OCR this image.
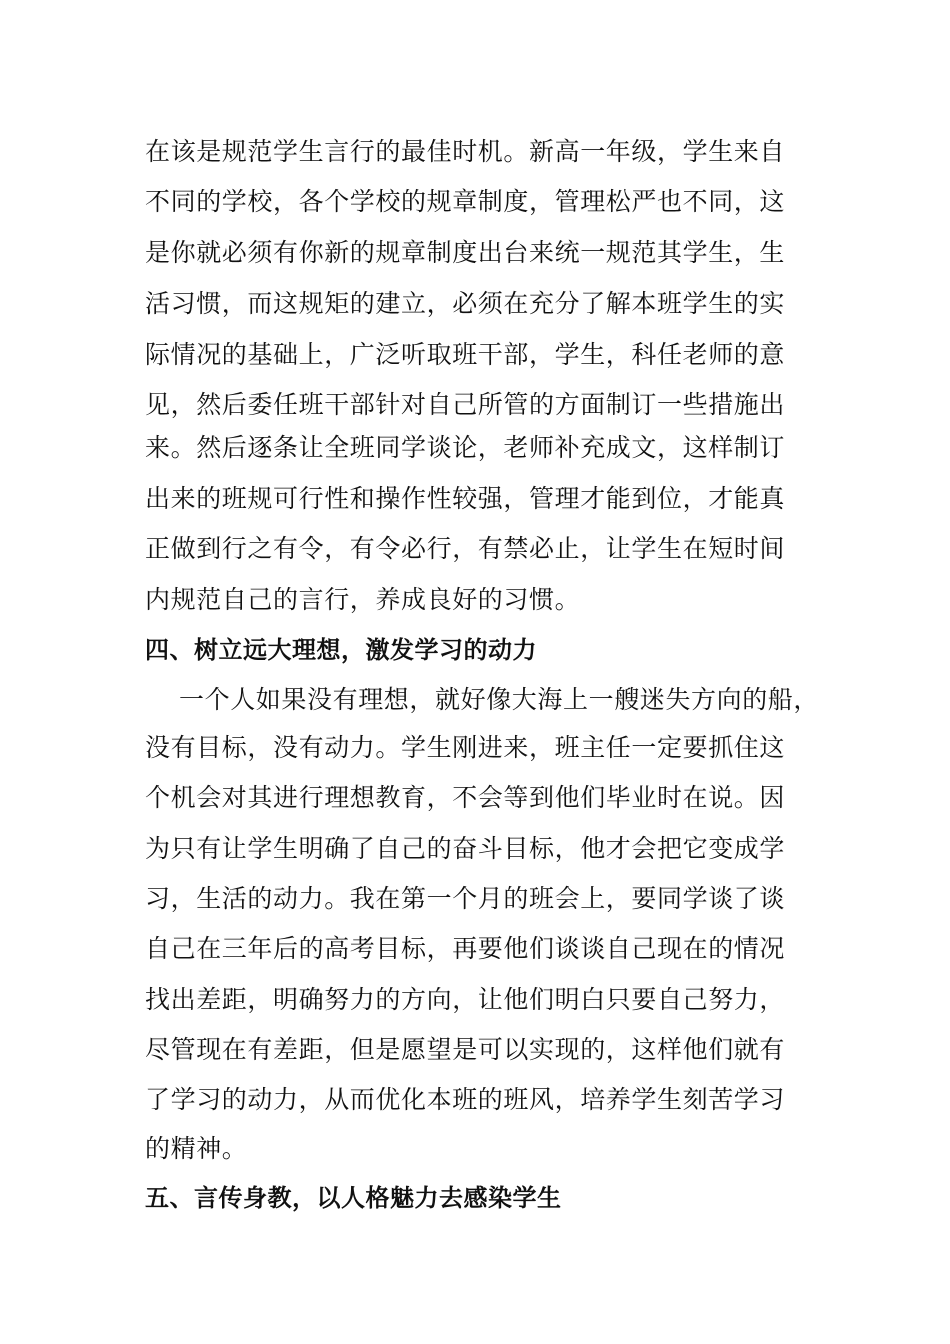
在该是规范学生言行的最佳时机。新高一年级，学生来自
不同的学校，各个学校的规章制度，管理松严也不同，这
是你就必须有你新的规章制度出台来统一规范其学生，生
活习惯，而这规矩的建立，必须在充分了解本班学生的实
际情况的基础上，广泛听取班干部，学生，科任老师的意
见，然后委任班干部针对自己所管的方面制订一些措施出
来。然后逐条让全班同学谈论，老师补充成文，这样制订
出来的班规可行性和操作性较强，管理才能到位，才能真
正做到行之有令，有令必行，有禁必止，让学生在短时间
内规范自己的言行，养成良好的习惯。
四、树立远大理想，激发学习的动力
一个人如果没有理想，就好像大海上一艘迷失方向的船，
没有目标，没有动力。学生刚进来，班主任一定要抓住这
个机会对其进行理想教育，不会等到他们毕业时在说。因
为只有让学生明确了自己的奋斗目标，他才会把它变成学
习，生活的动力。我在第一个月的班会上，要同学谈了谈
自己在三年后的高考目标，再要他们谈谈自己现在的情况
找出差距，明确努力的方向，让他们明白只要自己努力，
尽管现在有差距，但是愿望是可以实现的，这样他们就有
了学习的动力，从而优化本班的班风，培养学生刻苦学习
的精神。
五、言传身教，以人格魅力去感染学生
